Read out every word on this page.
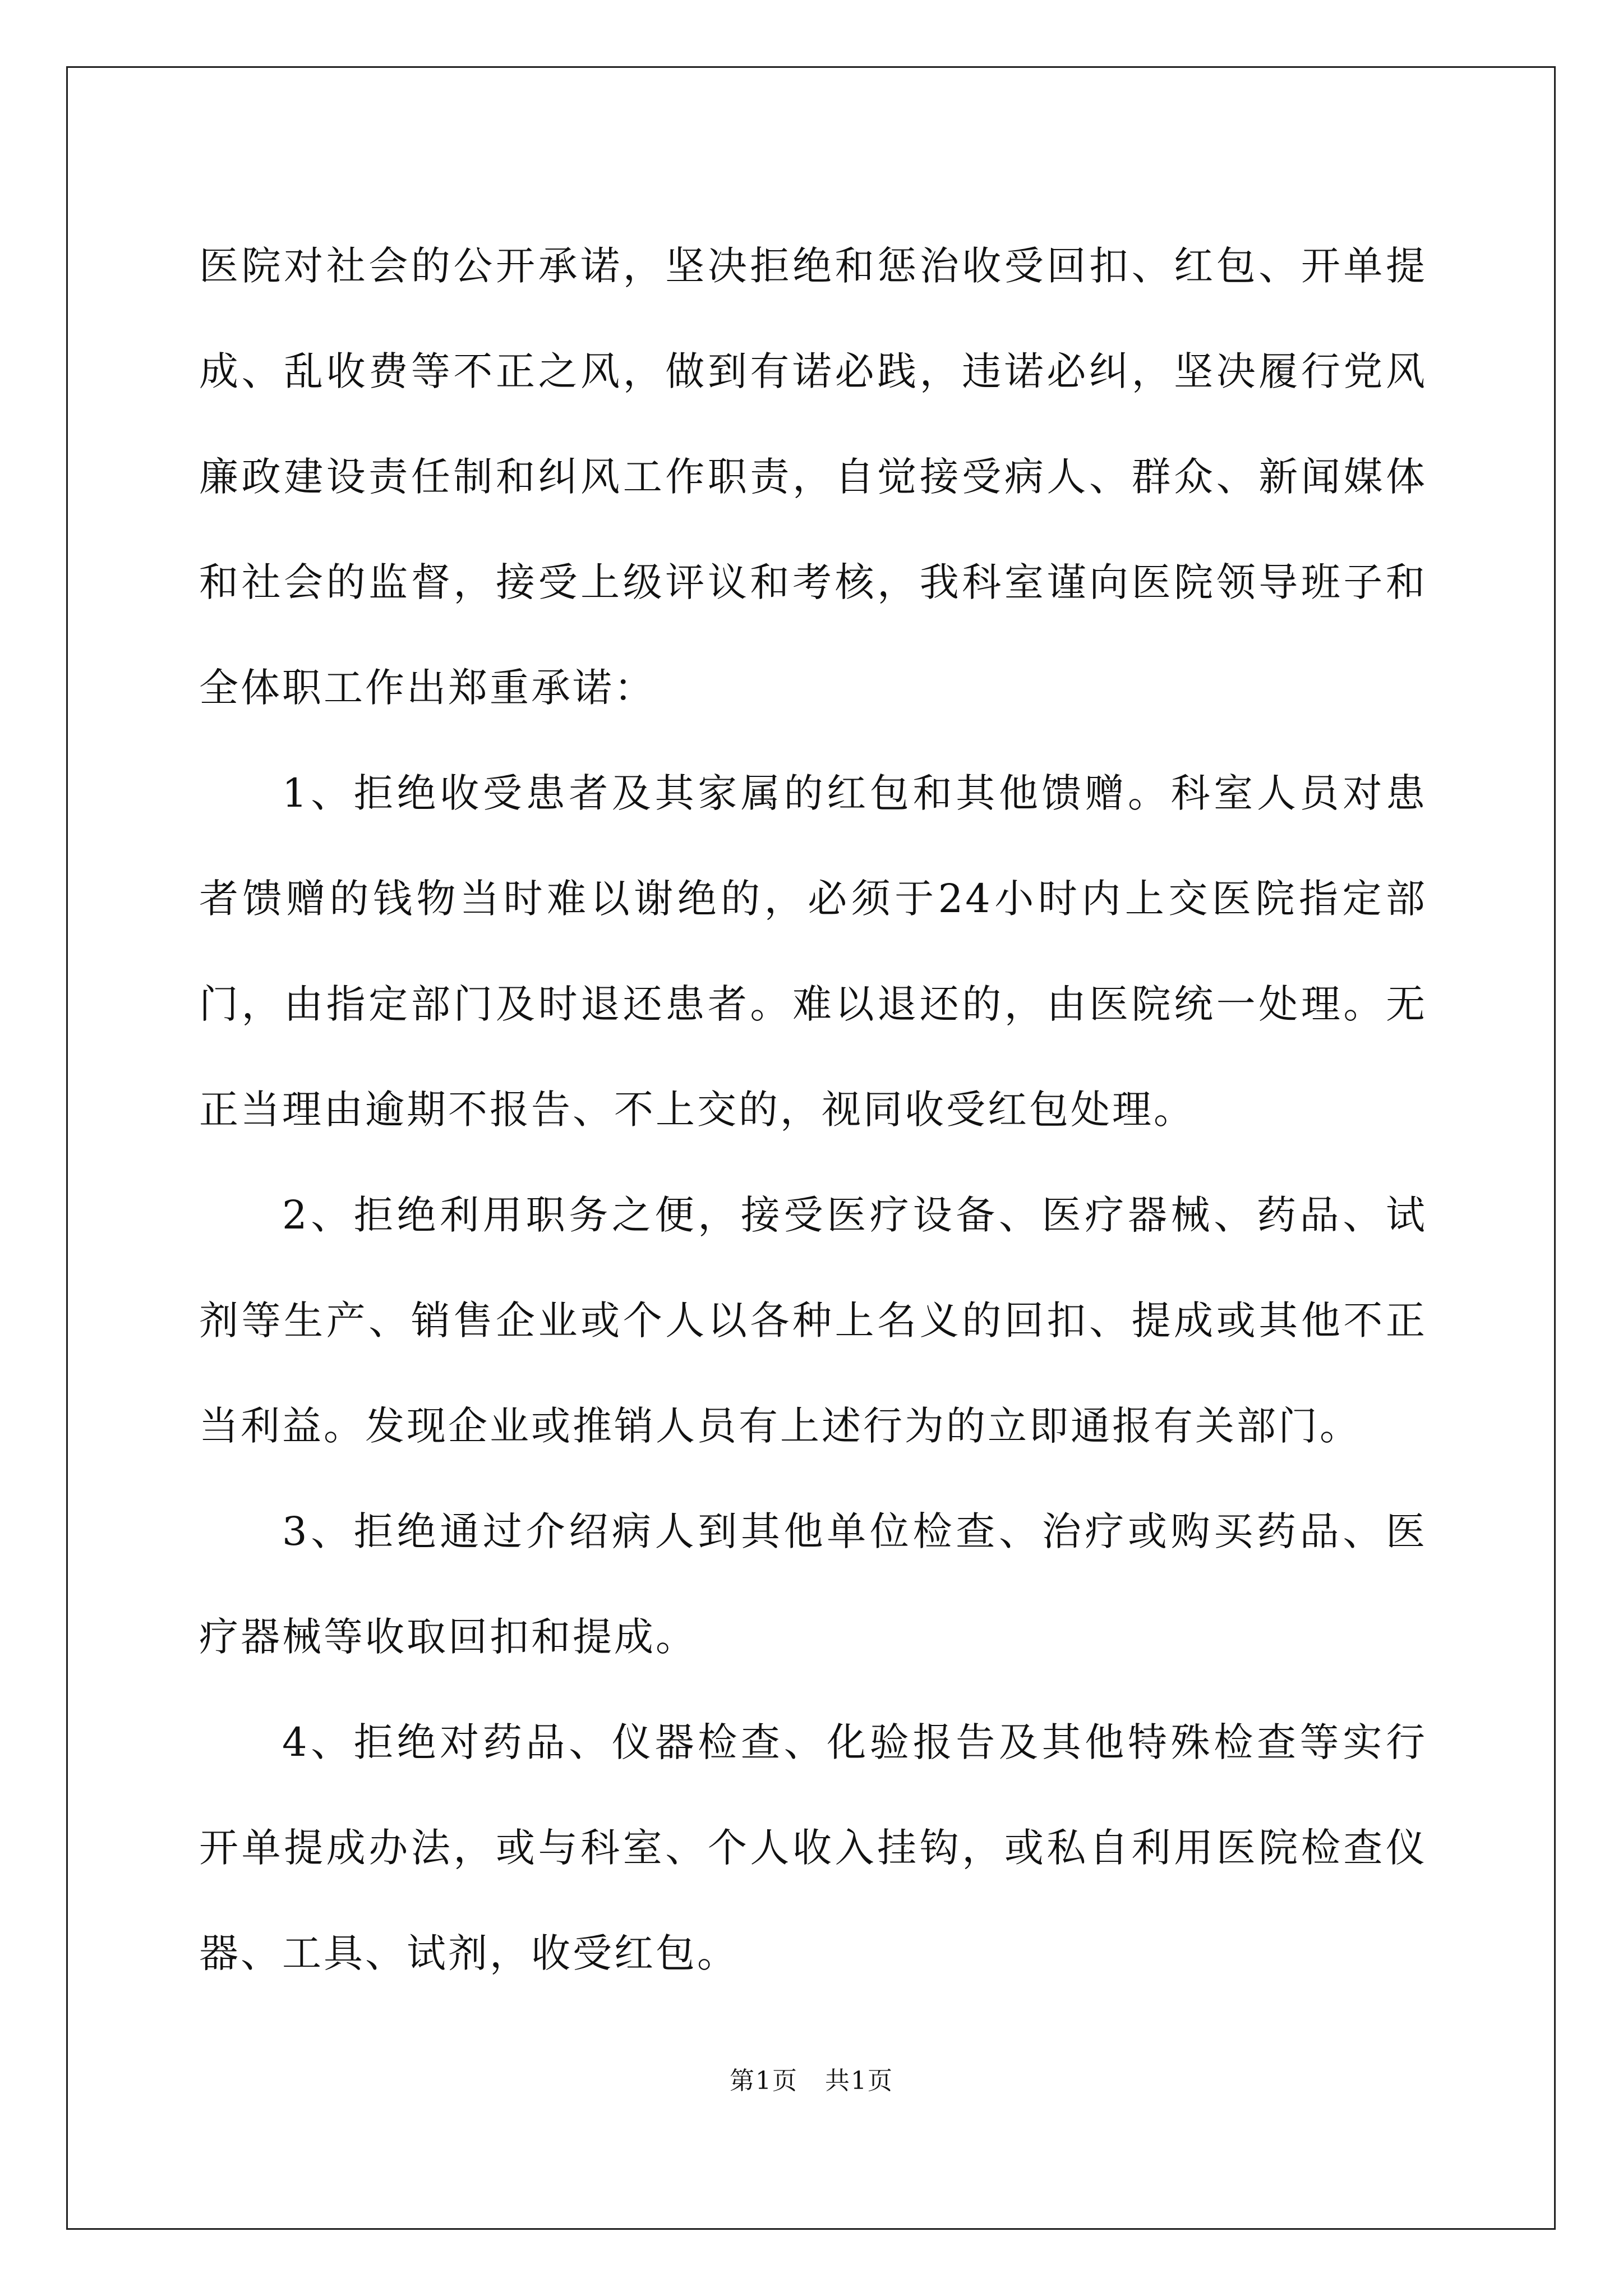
医院对社会的公开承诺，坚决拒绝和惩治收受回扣、红包、开单提成、乱收费等不正之风，做到有诺必践，违诺必纠，坚决履行党风廉政建设责任制和纠风工作职责，自觉接受病人、群众、新闻媒体和社会的监督，接受上级评议和考核，我科室谨向医院领导班子和全体职工作出郑重承诺：

1、拒绝收受患者及其家属的红包和其他馈赠。科室人员对患者馈赠的钱物当时难以谢绝的，必须于24小时内上交医院指定部门，由指定部门及时退还患者。难以退还的，由医院统一处理。无正当理由逾期不报告、不上交的，视同收受红包处理。

2、拒绝利用职务之便，接受医疗设备、医疗器械、药品、试剂等生产、销售企业或个人以各种上名义的回扣、提成或其他不正当利益。发现企业或推销人员有上述行为的立即通报有关部门。

3、拒绝通过介绍病人到其他单位检查、治疗或购买药品、医疗器械等收取回扣和提成。

4、拒绝对药品、仪器检查、化验报告及其他特殊检查等实行开单提成办法，或与科室、个人收入挂钩，或私自利用医院检查仪器、工具、试剂，收受红包。

第1页   共1页
